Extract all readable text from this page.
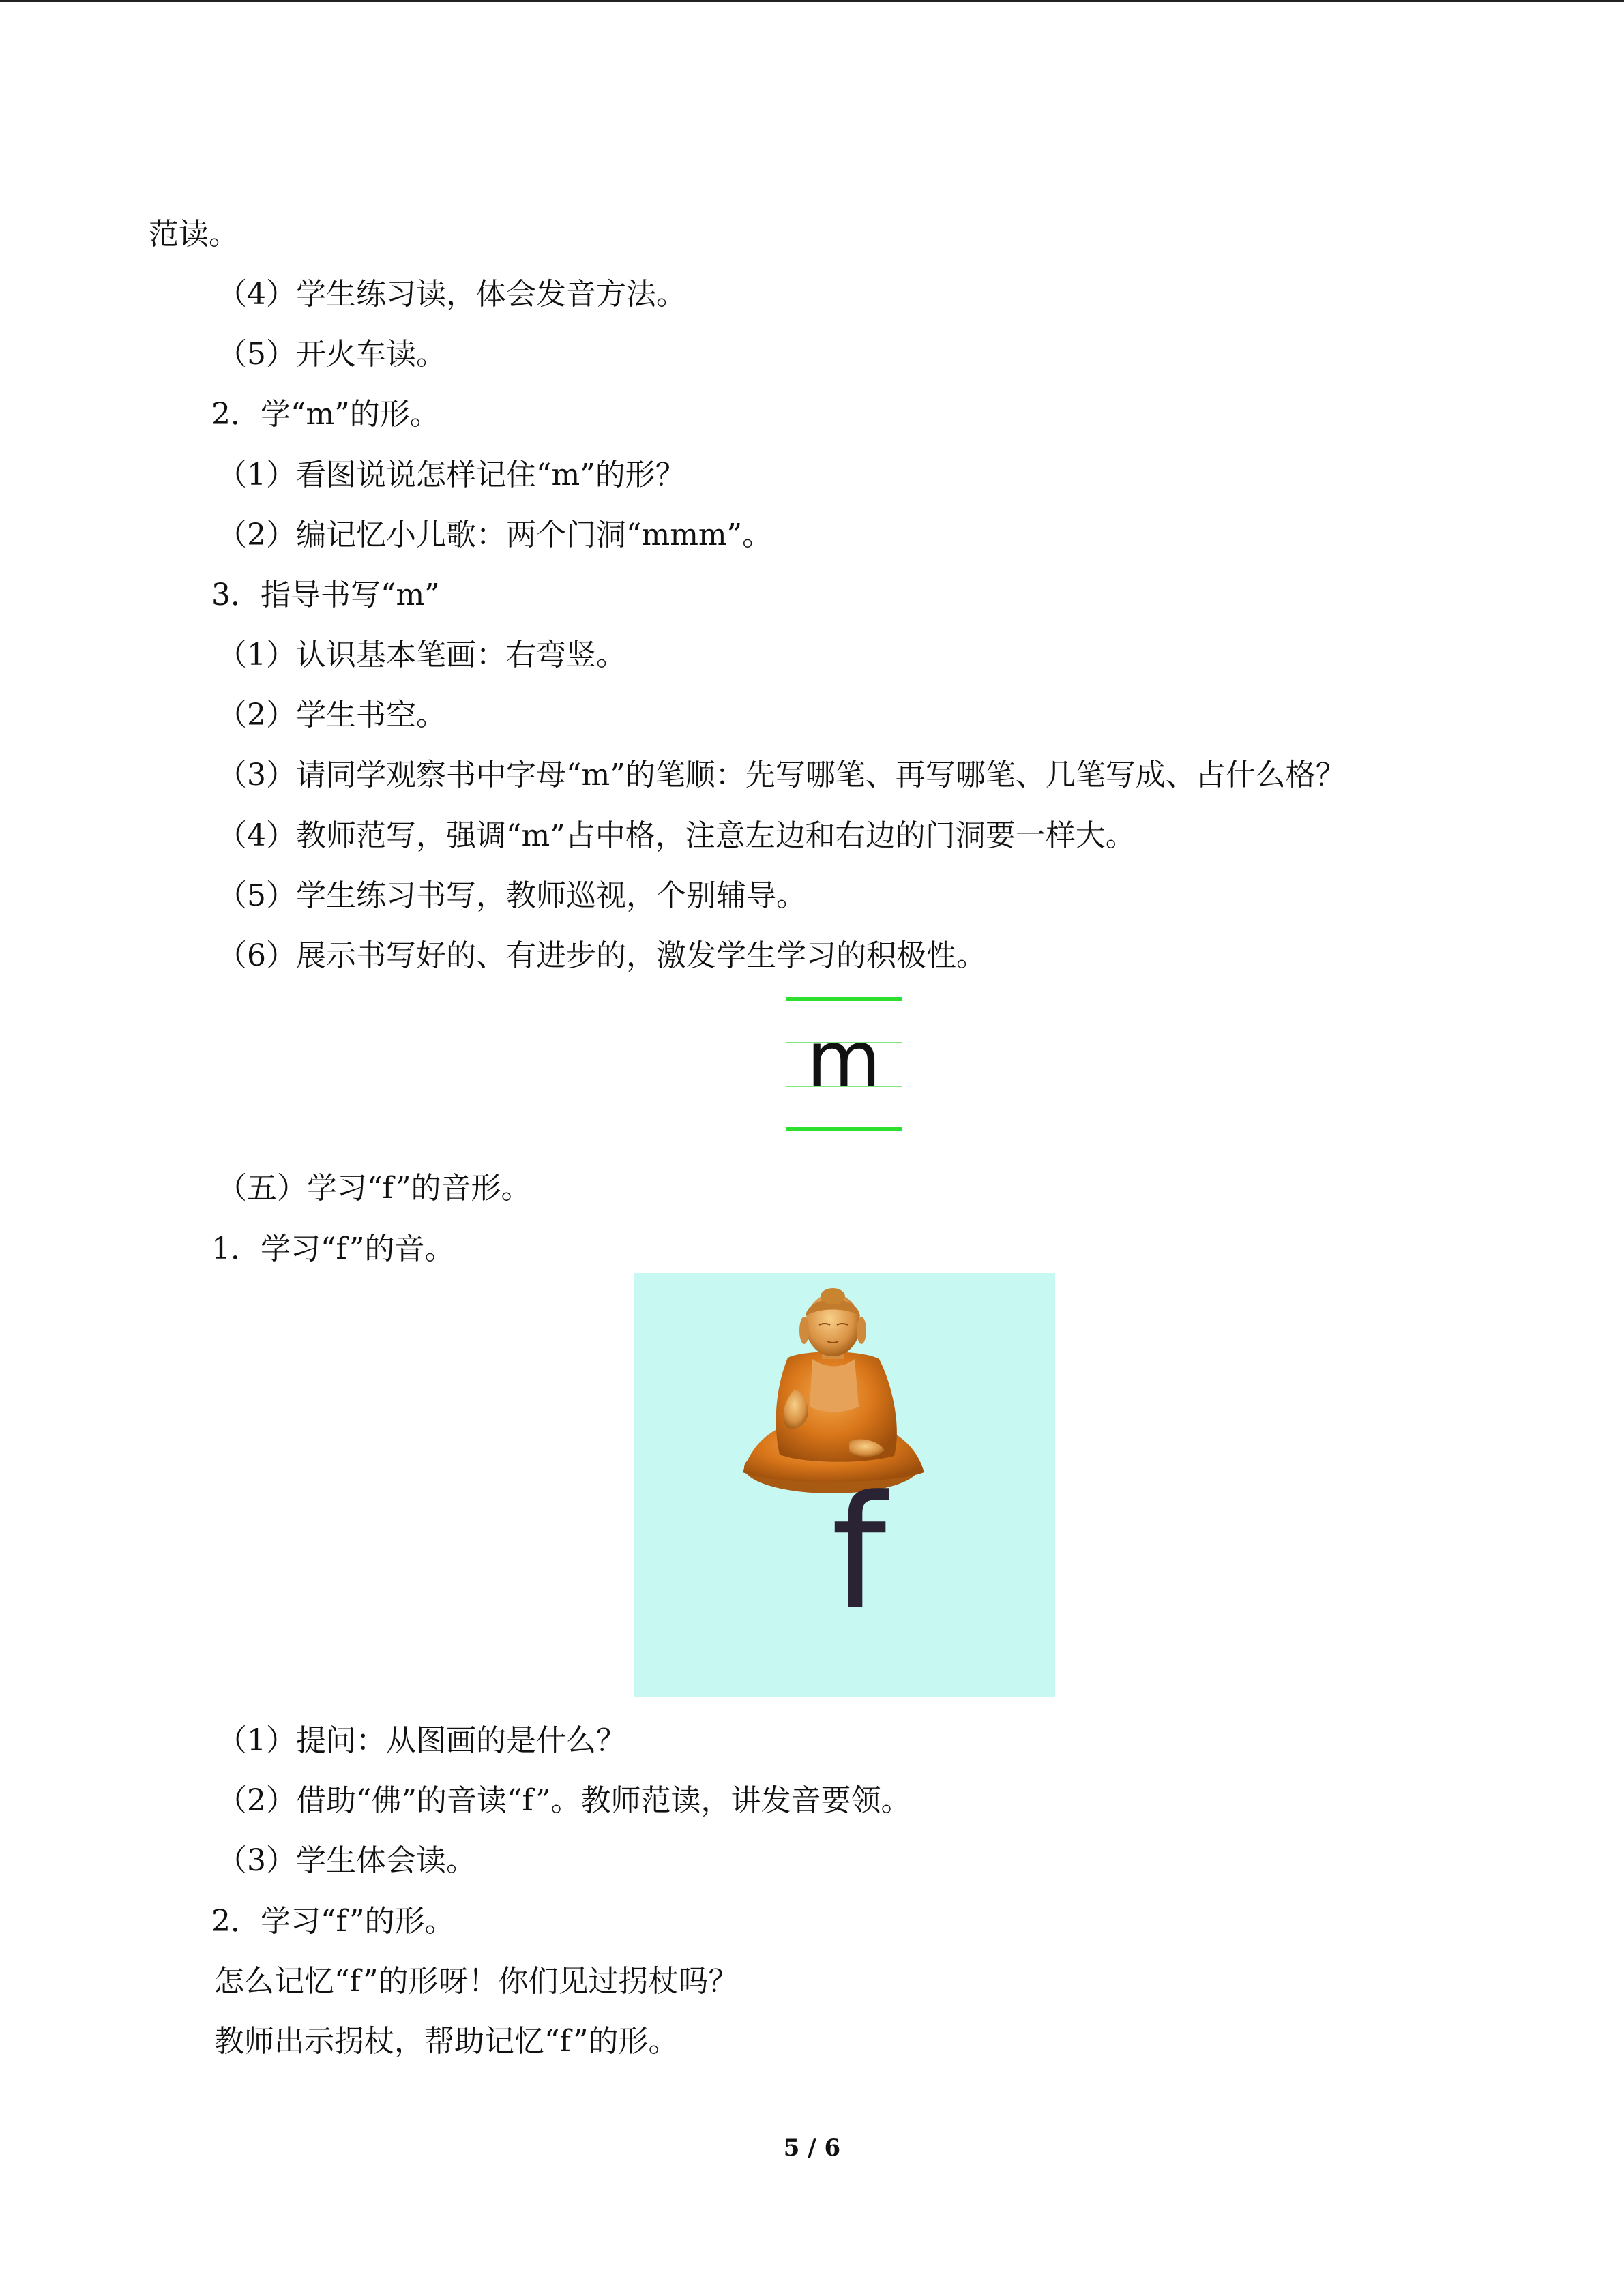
范读。
（4）学生练习读，体会发音方法。
（5）开火车读。
2．学“m”的形。
（1）看图说说怎样记住“m”的形？
（2）编记忆小儿歌：两个门洞“mmm”。
3．指导书写“m”
（1）认识基本笔画：右弯竖。
（2）学生书空。
（3）请同学观察书中字母“m”的笔顺：先写哪笔、再写哪笔、几笔写成、占什么格？
（4）教师范写，强调“m”占中格，注意左边和右边的门洞要一样大。
（5）学生练习书写，教师巡视，个别辅导。
（6）展示书写好的、有进步的，激发学生学习的积极性。
m
（五）学习“f”的音形。
1．学习“f”的音。
f
（1）提问：从图画的是什么？
（2）借助“佛”的音读“f”。教师范读，讲发音要领。
（3）学生体会读。
2．学习“f”的形。
怎么记忆“f”的形呀！你们见过拐杖吗？
教师出示拐杖，帮助记忆“f”的形。
5 / 6
